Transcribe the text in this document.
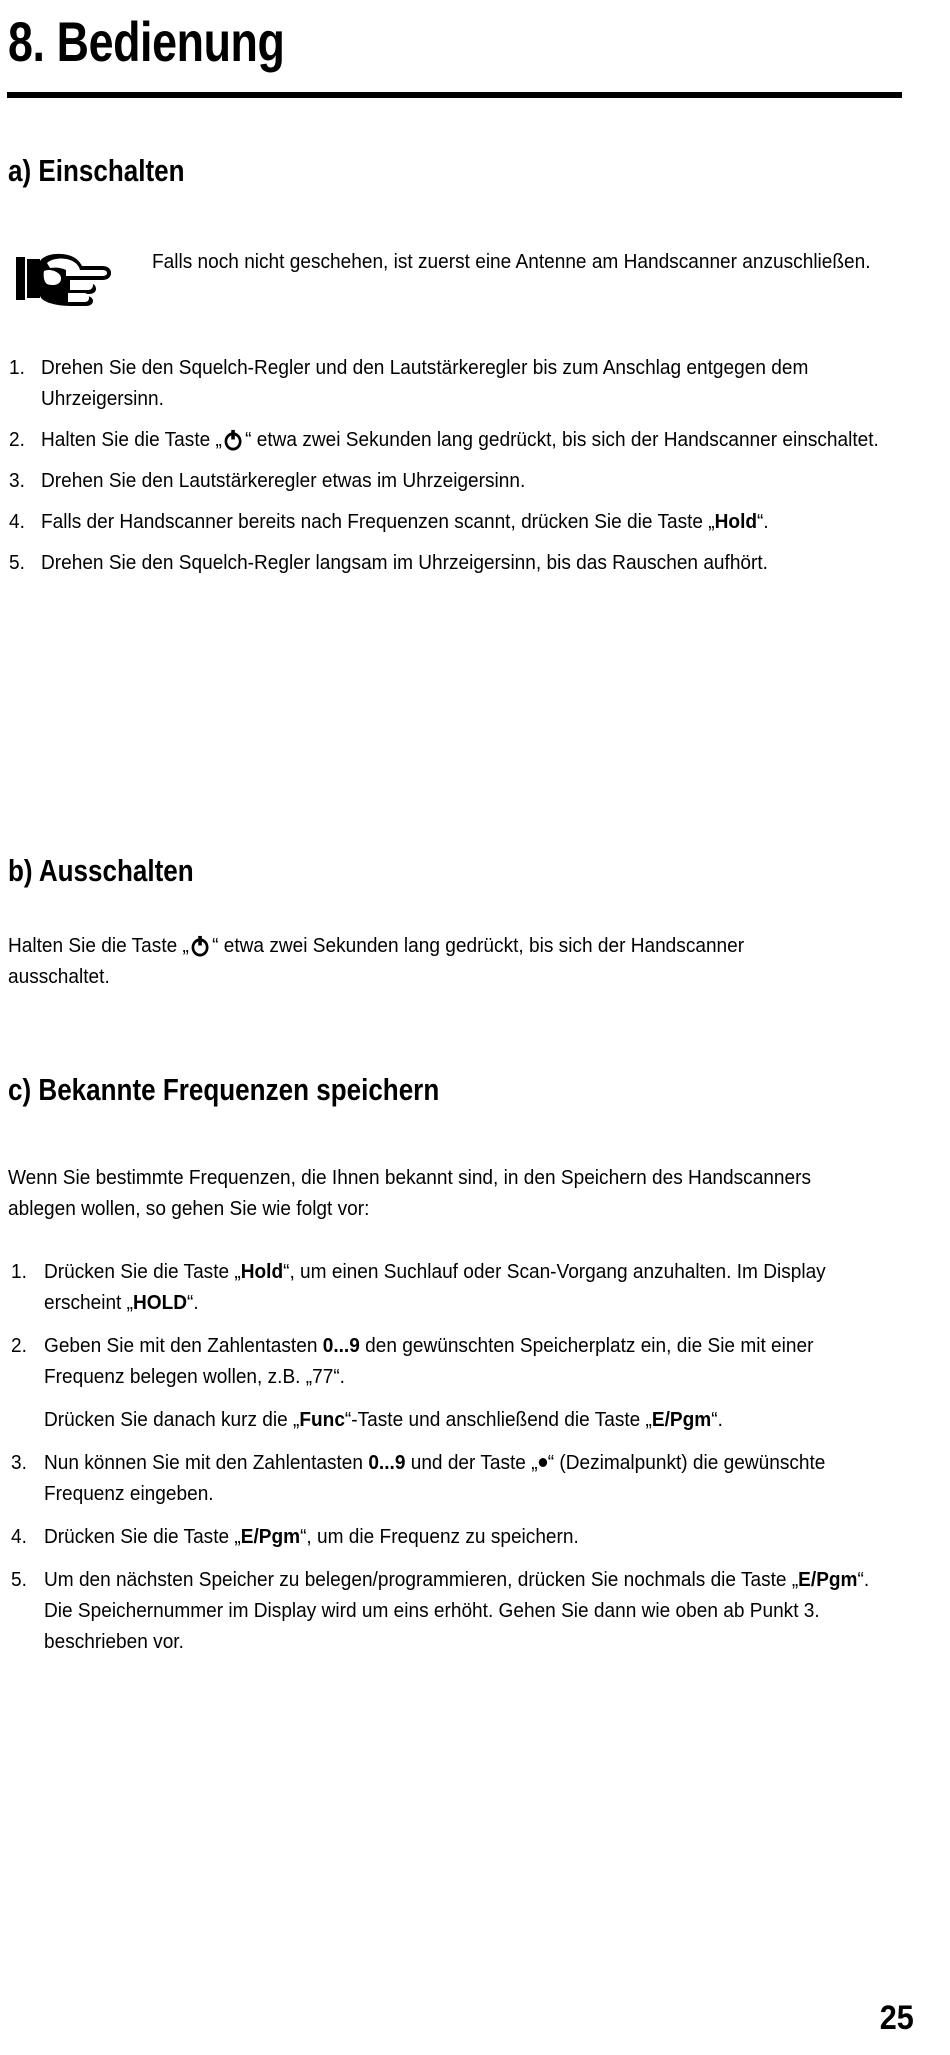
8. Bedienung
a) Einschalten
Falls noch nicht geschehen, ist zuerst eine Antenne am Handscanner anzuschließen.
1. Drehen Sie den Squelch-Regler und den Lautstärkeregler bis zum Anschlag entgegen dem Uhrzeigersinn.
2. Halten Sie die Taste „ “ etwa zwei Sekunden lang gedrückt, bis sich der Handscanner einschaltet.
3. Drehen Sie den Lautstärkeregler etwas im Uhrzeigersinn.
4. Falls der Handscanner bereits nach Frequenzen scannt, drücken Sie die Taste „Hold“.
5. Drehen Sie den Squelch-Regler langsam im Uhrzeigersinn, bis das Rauschen aufhört.
b) Ausschalten
Halten Sie die Taste „ “ etwa zwei Sekunden lang gedrückt, bis sich der Handscanner ausschaltet.
c) Bekannte Frequenzen speichern
Wenn Sie bestimmte Frequenzen, die Ihnen bekannt sind, in den Speichern des Handscanners ablegen wollen, so gehen Sie wie folgt vor:
1. Drücken Sie die Taste „Hold“, um einen Suchlauf oder Scan-Vorgang anzuhalten. Im Display erscheint „HOLD“.
2. Geben Sie mit den Zahlentasten 0...9 den gewünschten Speicherplatz ein, die Sie mit einer Frequenz belegen wollen, z.B. „77“.
Drücken Sie danach kurz die „Func“-Taste und anschließend die Taste „E/Pgm“.
3. Nun können Sie mit den Zahlentasten 0...9 und der Taste „ “ (Dezimalpunkt) die gewünschte Frequenz eingeben.
4. Drücken Sie die Taste „E/Pgm“, um die Frequenz zu speichern.
5. Um den nächsten Speicher zu belegen/programmieren, drücken Sie nochmals die Taste „E/Pgm“. Die Speichernummer im Display wird um eins erhöht. Gehen Sie dann wie oben ab Punkt 3. beschrieben vor.
25
